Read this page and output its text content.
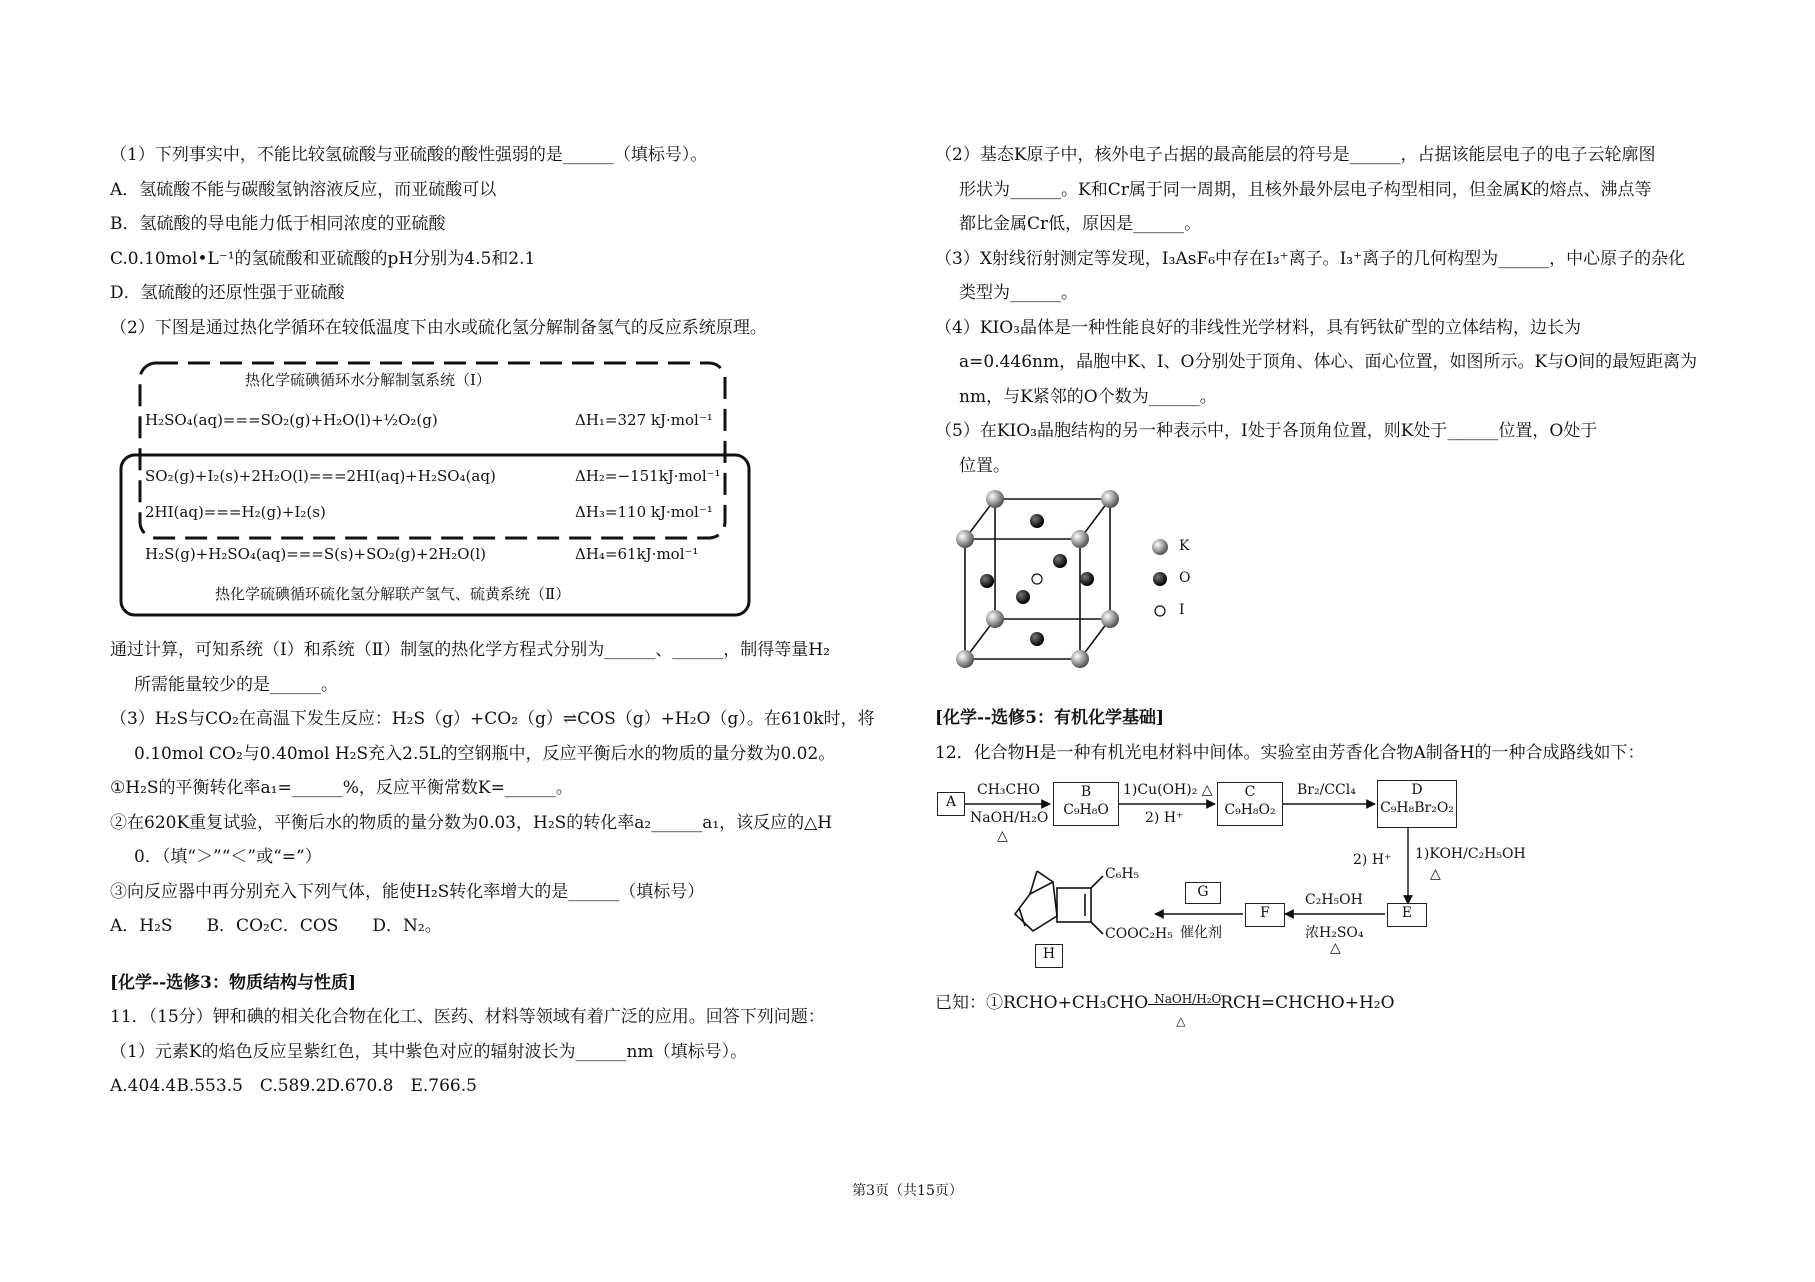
（1）下列事实中，不能比较氢硫酸与亚硫酸的酸性强弱的是______（填标号）。
A．氢硫酸不能与碳酸氢钠溶液反应，而亚硫酸可以
B．氢硫酸的导电能力低于相同浓度的亚硫酸
C.0.10mol•L⁻¹的氢硫酸和亚硫酸的pH分别为4.5和2.1
D．氢硫酸的还原性强于亚硫酸
（2）下图是通过热化学循环在较低温度下由水或硫化氢分解制备氢气的反应系统原理。
热化学硫碘循环水分解制氢系统（Ⅰ）
H₂SO₄(aq)===SO₂(g)+H₂O(l)+½O₂(g)	ΔH₁=327 kJ·mol⁻¹
SO₂(g)+I₂(s)+2H₂O(l)===2HI(aq)+H₂SO₄(aq)	ΔH₂=−151kJ·mol⁻¹
2HI(aq)===H₂(g)+I₂(s)	ΔH₃=110 kJ·mol⁻¹
H₂S(g)+H₂SO₄(aq)===S(s)+SO₂(g)+2H₂O(l)	ΔH₄=61kJ·mol⁻¹
热化学硫碘循环硫化氢分解联产氢气、硫黄系统（Ⅱ）
通过计算，可知系统（Ⅰ）和系统（Ⅱ）制氢的热化学方程式分别为______、______，制得等量H₂
所需能量较少的是______。
（3）H₂S与CO₂在高温下发生反应：H₂S（g）+CO₂（g）⇌COS（g）+H₂O（g）。在610k时，将
0.10mol CO₂与0.40mol H₂S充入2.5L的空钢瓶中，反应平衡后水的物质的量分数为0.02。
①H₂S的平衡转化率a₁=______%，反应平衡常数K=______。
②在620K重复试验，平衡后水的物质的量分数为0.03，H₂S的转化率a₂______a₁，该反应的△H
0．（填“＞”“＜”或“=”）
③向反应器中再分别充入下列气体，能使H₂S转化率增大的是______（填标号）
A．H₂S　　B．CO₂C．COS　　D．N₂。
[化学--选修3：物质结构与性质]
11．（15分）钾和碘的相关化合物在化工、医药、材料等领域有着广泛的应用。回答下列问题：
（1）元素K的焰色反应呈紫红色，其中紫色对应的辐射波长为______nm（填标号）。
A.404.4B.553.5　C.589.2D.670.8　E.766.5
（2）基态K原子中，核外电子占据的最高能层的符号是______，占据该能层电子的电子云轮廓图
形状为______。K和Cr属于同一周期，且核外最外层电子构型相同，但金属K的熔点、沸点等
都比金属Cr低，原因是______。
（3）X射线衍射测定等发现，I₃AsF₆中存在I₃⁺离子。I₃⁺离子的几何构型为______，中心原子的杂化
类型为______。
（4）KIO₃晶体是一种性能良好的非线性光学材料，具有钙钛矿型的立体结构，边长为
a=0.446nm，晶胞中K、I、O分别处于顶角、体心、面心位置，如图所示。K与O间的最短距离为
nm，与K紧邻的O个数为______。
（5）在KIO₃晶胞结构的另一种表示中，I处于各顶角位置，则K处于______位置，O处于
位置。
K
O
I
[化学--选修5：有机化学基础]
12．化合物H是一种有机光电材料中间体。实验室由芳香化合物A制备H的一种合成路线如下：
A
B
C₉H₈O
C
C₉H₈O₂
D
C₉H₈Br₂O₂
E
F
G
H
C₆H₅
COOC₂H₅
CH₃CHO
NaOH/H₂O
△
1)Cu(OH)₂ △
2) H⁺
Br₂/CCl₄
2) H⁺ 1)KOH/C₂H₅OH
△
C₂H₅OH
浓H₂SO₄
△
催化剂
已知：①RCHO+CH₃CHO NaOH/H₂O
△
RCH=CHCHO+H₂O
第3页（共15页）
